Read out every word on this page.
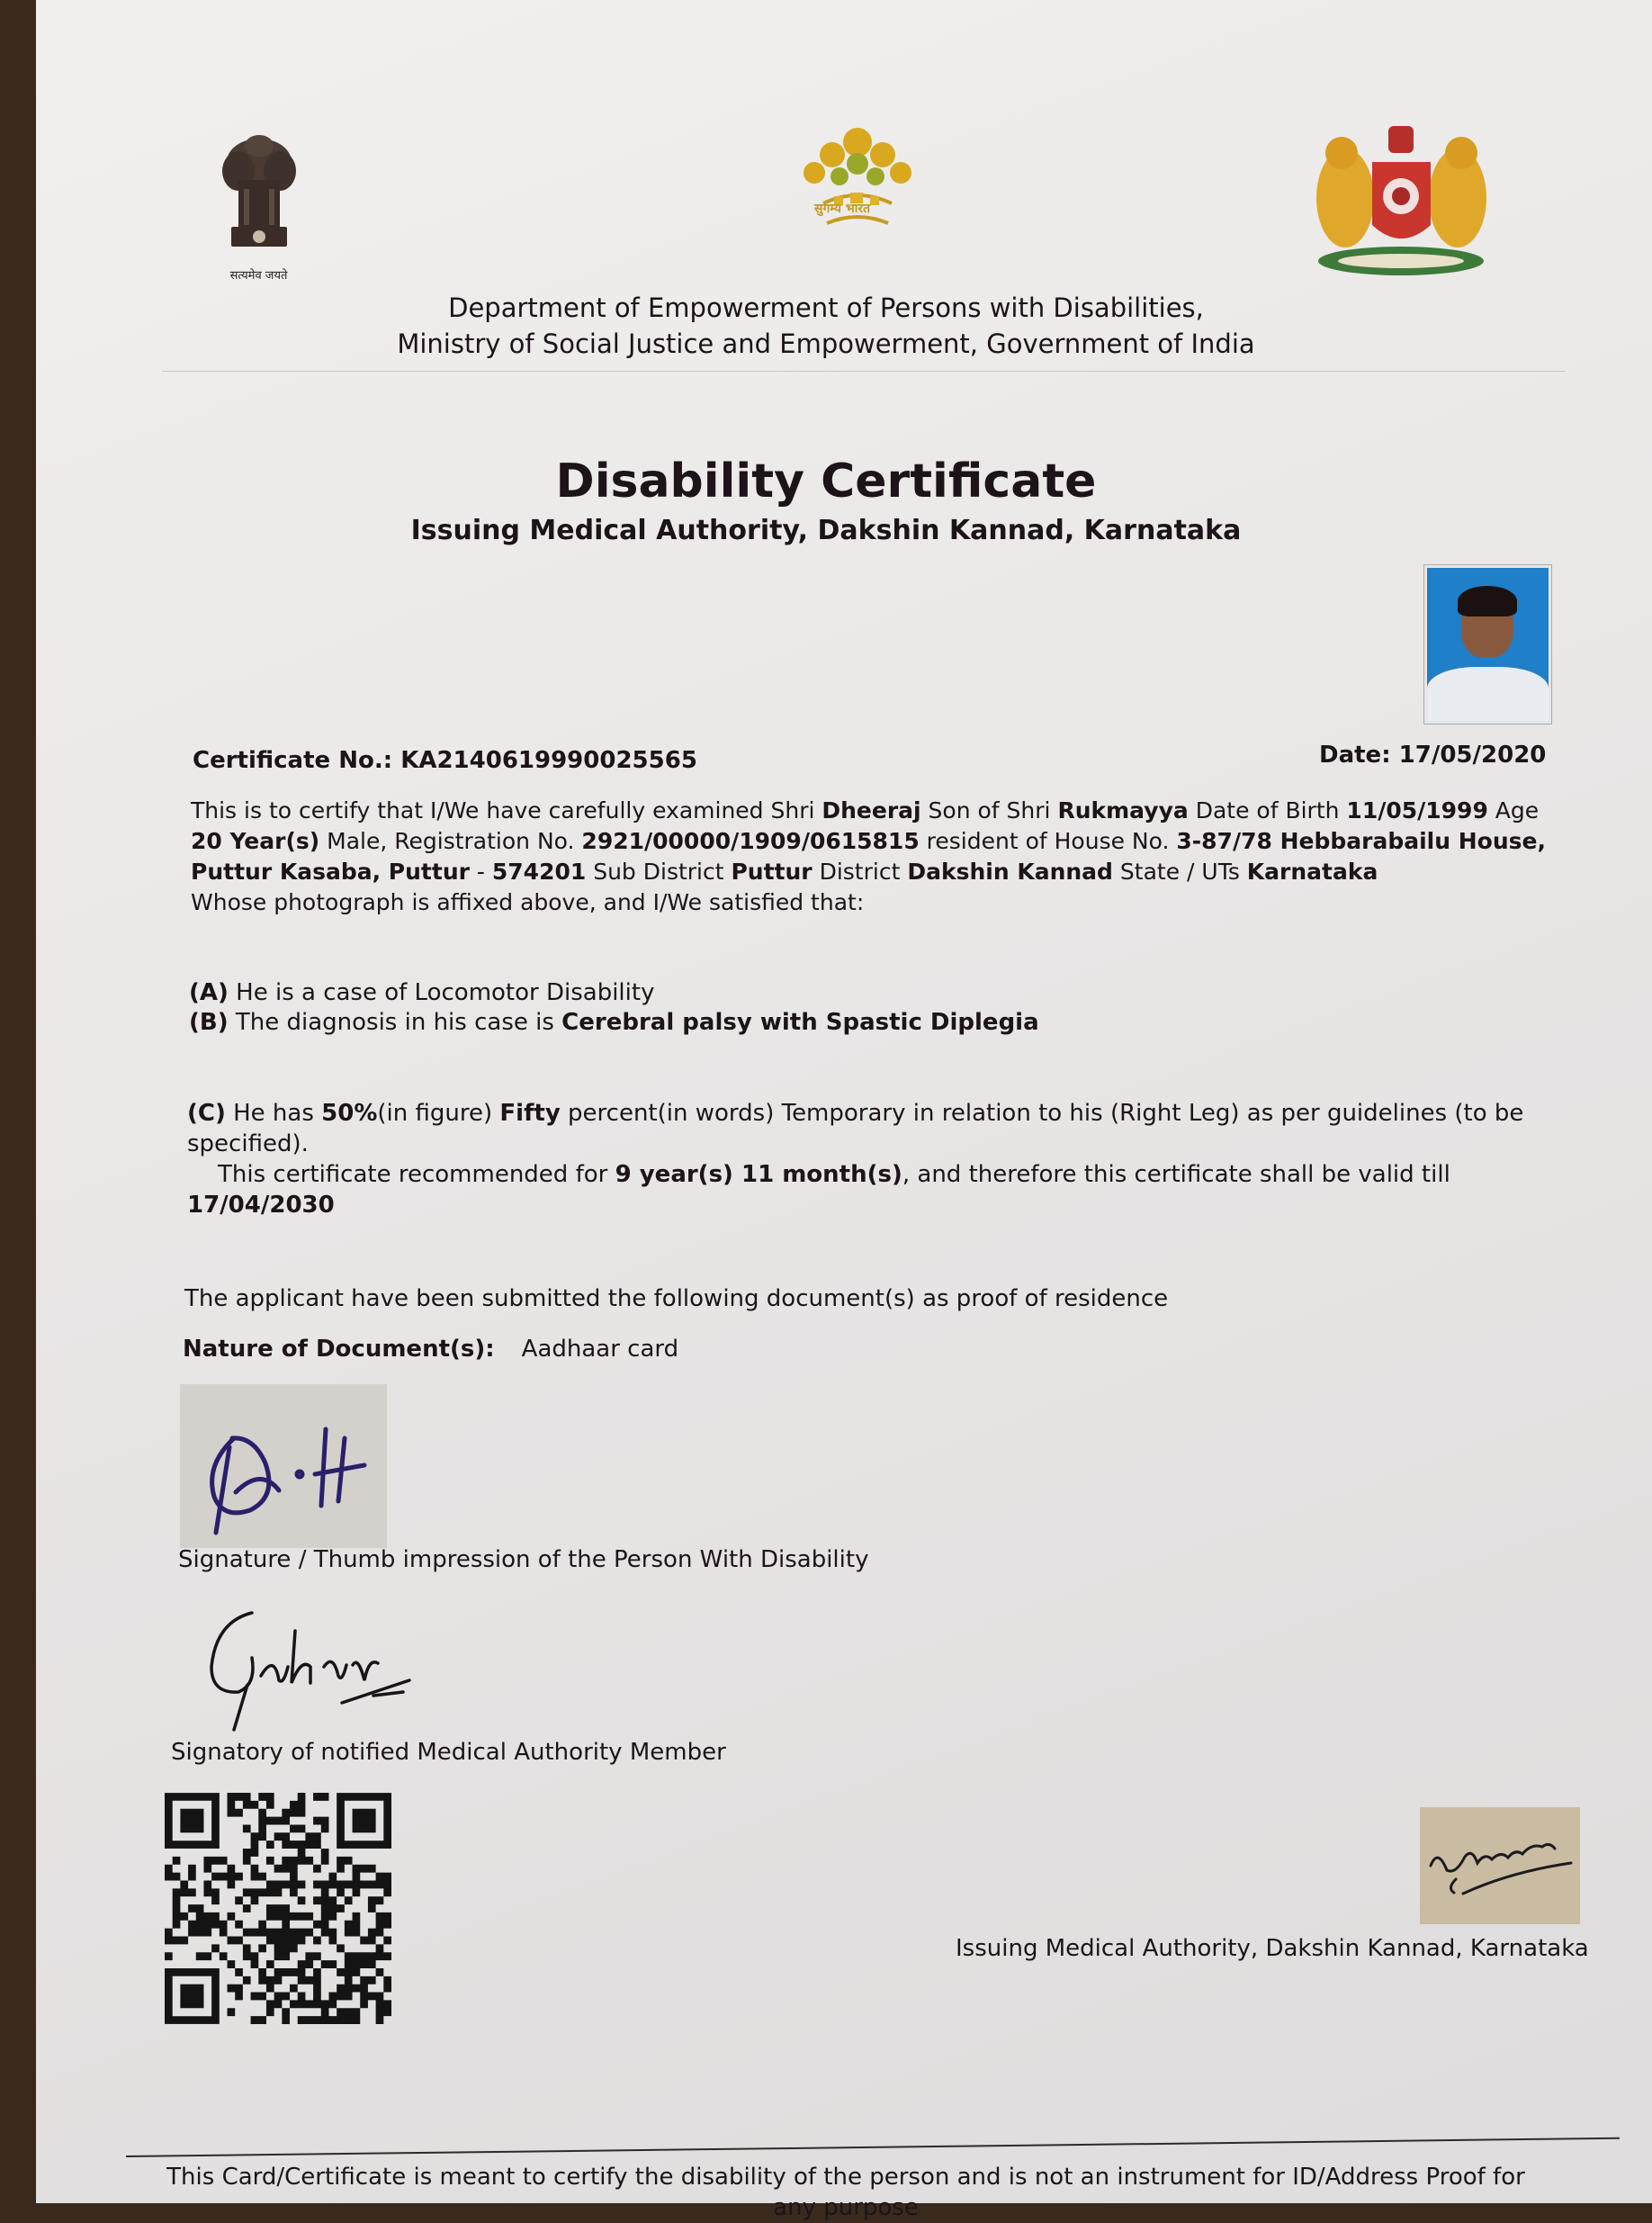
सत्यमेव जयते
सुगम्य भारत
Department of Empowerment of Persons with Disabilities,
Ministry of Social Justice and Empowerment, Government of India
Disability Certificate
Issuing Medical Authority, Dakshin Kannad, Karnataka
Certificate No.: KA2140619990025565	Date: 17/05/2020
This is to certify that I/We have carefully examined Shri Dheeraj Son of Shri Rukmayya Date of Birth 11/05/1999 Age 20 Year(s) Male, Registration No. 2921/00000/1909/0615815 resident of House No. 3-87/78 Hebbarabailu House, Puttur Kasaba, Puttur - 574201 Sub District Puttur District Dakshin Kannad State / UTs Karnataka
Whose photograph is affixed above, and I/We satisfied that:
(A) He is a case of Locomotor Disability
(B) The diagnosis in his case is Cerebral palsy with Spastic Diplegia
(C) He has 50%(in figure) Fifty percent(in words) Temporary in relation to his (Right Leg) as per guidelines (to be specified).
This certificate recommended for 9 year(s) 11 month(s), and therefore this certificate shall be valid till
17/04/2030
The applicant have been submitted the following document(s) as proof of residence
Nature of Document(s): Aadhaar card
Signature / Thumb impression of the Person With Disability
Signatory of notified Medical Authority Member
Issuing Medical Authority, Dakshin Kannad, Karnataka
This Card/Certificate is meant to certify the disability of the person and is not an instrument for ID/Address Proof for any purpose
